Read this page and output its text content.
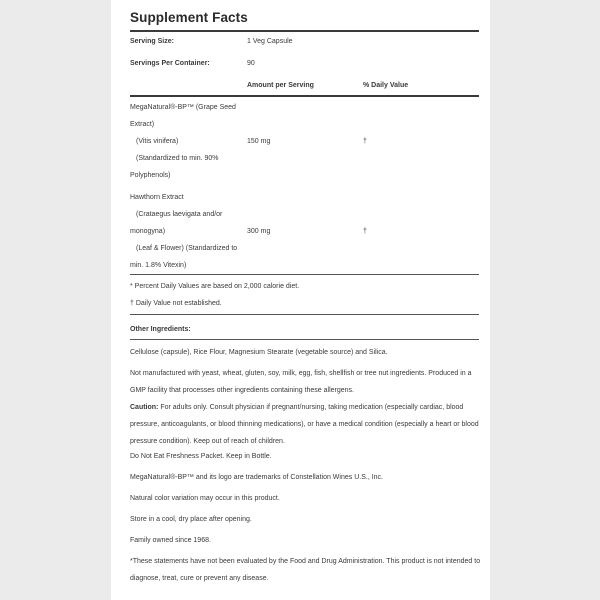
Supplement Facts
Serving Size:	1 Veg Capsule
Servings Per Container:	90
Amount per Serving	% Daily Value
MegaNatural®-BP™ (Grape Seed
Extract)
(Vitis vinifera)
(Standardized to min. 90%
Polyphenols)
150 mg	†
Hawthorn Extract
(Crataegus laevigata and/or
monogyna)
(Leaf & Flower) (Standardized to
min. 1.8% Vitexin)
300 mg	†
* Percent Daily Values are based on 2,000 calorie diet.
† Daily Value not established.
Other Ingredients:

Cellulose (capsule), Rice Flour, Magnesium Stearate (vegetable source) and Silica.

Not manufactured with yeast, wheat, gluten, soy, milk, egg, fish, shellfish or tree nut ingredients. Produced in a GMP facility that processes other ingredients containing these allergens.

Caution: For adults only. Consult physician if pregnant/nursing, taking medication (especially cardiac, blood pressure, anticoagulants, or blood thinning medications), or have a medical condition (especially a heart or blood pressure condition). Keep out of reach of children.

Do Not Eat Freshness Packet. Keep in Bottle.

MegaNatural®-BP™ and its logo are trademarks of Constellation Wines U.S., Inc.

Natural color variation may occur in this product.

Store in a cool, dry place after opening.

Family owned since 1968.

*These statements have not been evaluated by the Food and Drug Administration. This product is not intended to diagnose, treat, cure or prevent any disease.
